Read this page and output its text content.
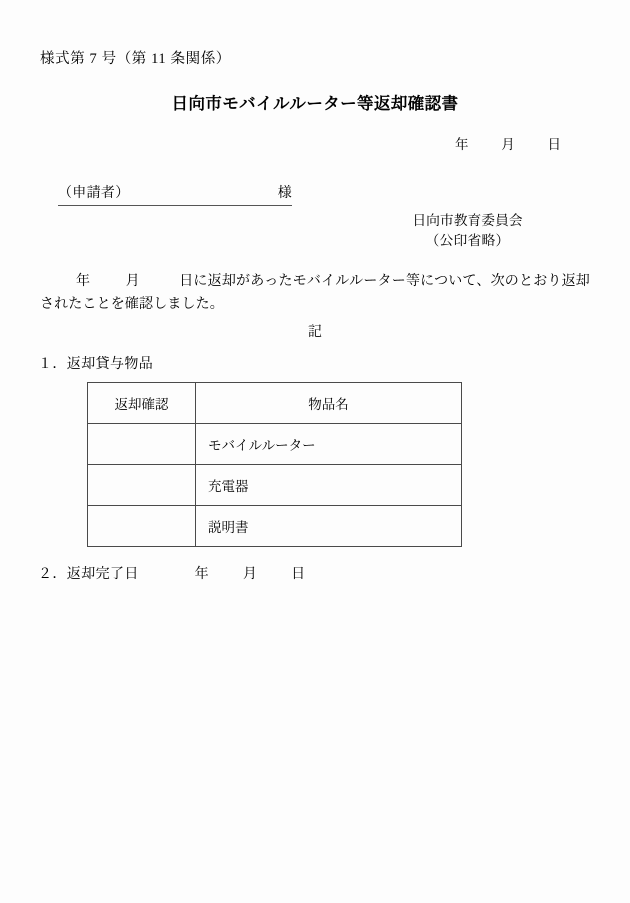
様式第 7 号（第 11 条関係）
日向市モバイルルーター等返却確認書
年 月 日
（申請者）	様
日向市教育委員会
（公印省略）
年	月	日に返却があったモバイルルーター等について、次のとおり返却されたことを確認しました。
記
１．返却貸与物品
返却確認	物品名
	モバイルルーター
	充電器
	説明書
２．返却完了日	年 月 日
